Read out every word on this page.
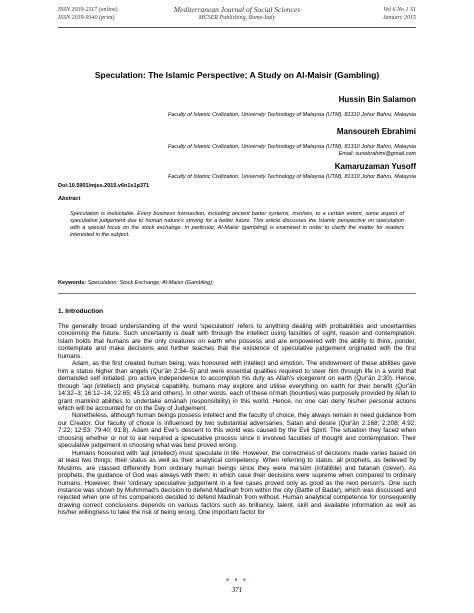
ISSN 2039-2117 (online)
ISSN 2039-9340 (print)
Mediterranean Journal of Social Sciences
MCSER Publishing, Rome-Italy
Vol 6 No 1 S1
January 2015
Speculation: The Islamic Perspective; A Study on Al-Maisir (Gambling)
Hussin Bin Salamon
Faculty of Islamic Civilization, University Technology of Malaysia (UTM), 81310 Johor Bahru, Malaysia
Mansoureh Ebrahimi
Faculty of Islamic Civilization, University Technology of Malaysia (UTM), 81310 Johor Bahru, Malaysia
Email: suriebrahimi@gmail.com
Kamaruzaman Yusoff
Faculty of Islamic Civilization, University Technology of Malaysia (UTM), 81310 Johor Bahru, Malaysia
Doi:10.5901/mjss.2015.v6n1s1p371
Abstract
Speculation is ineluctable. Every business transaction, including ancient barter systems, involves, to a certain extent, some aspect of speculative judgement due to human nature's striving for a better future. This article discusses the Islamic perspective on speculation with a special focus on the stock exchange. In particular, Al-Maisir (gambling) is examined in order to clarify the matter for readers interested in the subject.
Keywords: Speculation; Stock Exchange; Al-Maisir (Gambling);
1. Introduction

The generally broad understanding of the word 'speculation' refers to anything dealing with probabilities and uncertainties concerning the future. Such uncertainty is dealt with through the intellect using faculties of sight, reason and contemplation. Islam holds that humans are the only creatures on earth who possess and are empowered with the ability to think, ponder, contemplate and make decisions and further teaches that the existence of speculative judgement originated with the first humans.

Adam, as the first created human being, was honoured with intellect and emotion. The endowment of these abilities gave him a status higher than angels (Qur'ān 2:34–5) and were essential qualities required to steer him through life in a world that demanded self initiated, pro active independence to accomplish his duty as Allah's vicegerent on earth (Qur'ān 2:30). Hence, through 'aql (intellect) and physical capability, humans may explore and utilise everything on earth for their benefit (Qur'ān 14:32–3; 16:12–14; 22:65; 45:13 and others). In other words, each of these ni'mah (bounties) was purposely provided by Allah to grant mankind abilities to undertake amānah (responsibility) in this world. Hence, no one can deny his/her personal actions which will be accounted for on the Day of Judgement.

Nonetheless, although human beings possess intellect and the faculty of choice, they always remain in need guidance from our Creator. Our faculty of choice is influenced by two substantial adversaries, Satan and desire (Qur'ān 2:168; 2:208; 4:92; 7:22; 12:53; 79:40; 91:8). Adam and Eve's descent to this world was caused by the Evil Spirit. The situation they faced when choosing whether or not to eat required a speculative process since it involved faculties of thought and contemplation. Their speculative judgement in choosing what was best proved wrong.

Humans honoured with 'aql (intellect) must speculate in life. However, the correctness of decisions made varies based on at least two things; their status as well as their analytical competency. When referring to status, all prophets, as believed by Muslims, are classed differently from ordinary human beings since they were ma'sūm (infallible) and fatanah (clever). As prophets, the guidance of God was always with them; in which case their decisions were supreme when compared to ordinary humans. However, their 'ordinary speculative judgement in a few cases proved only as good as the next person's. One such instance was shown by Muhmmad's decision to defend Madīnah from within the city (Battle of Badar), which was discussed and rejected when one of his companions decided to defend Madīnah from without. Human analytical competence for consequently drawing correct conclusions depends on various factors such as brilliancy, talent, skill and available information as well as his/her willingness to take the risk of being wrong. One important factor for

● ● ●
371
